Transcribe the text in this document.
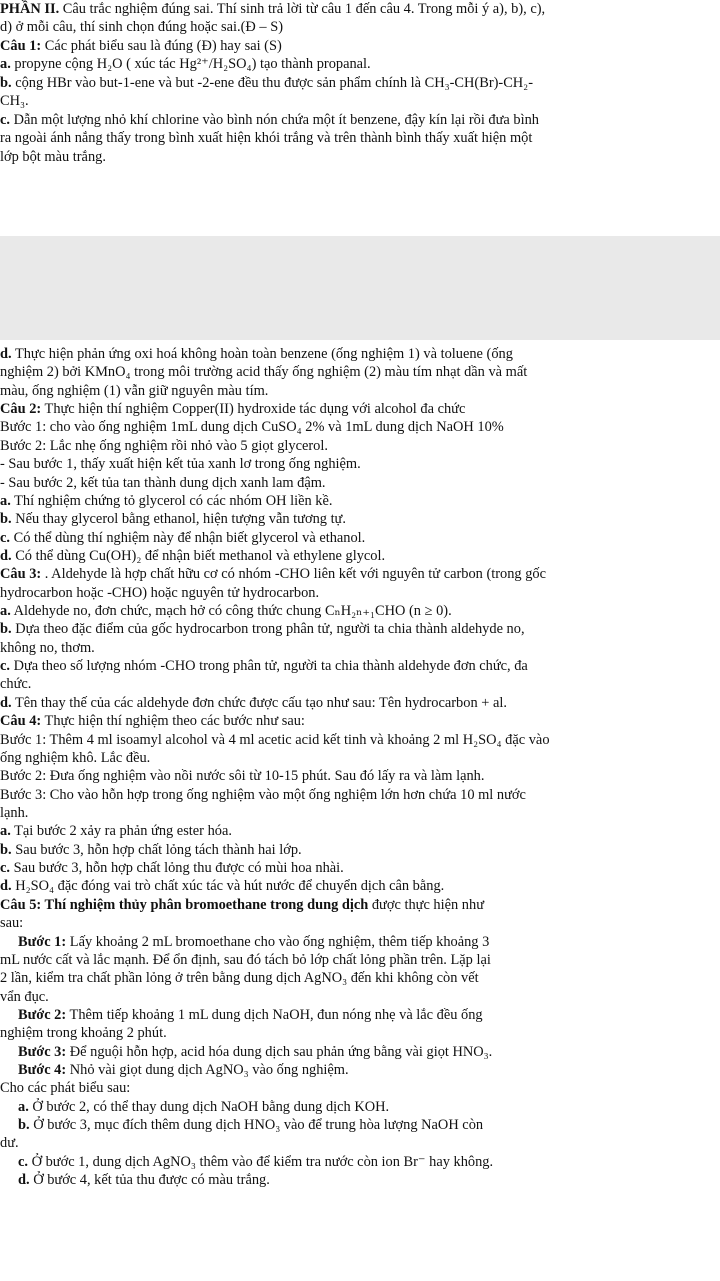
PHẦN II. Câu trắc nghiệm đúng sai. Thí sinh trả lời từ câu 1 đến câu 4. Trong mỗi ý a), b), c),
d) ở mỗi câu, thí sinh chọn đúng hoặc sai.(Đ – S)
Câu 1: Các phát biểu sau là đúng (Đ) hay sai (S)
a. propyne cộng H₂O ( xúc tác Hg²⁺/H₂SO₄) tạo thành propanal.
b. cộng HBr vào but-1-ene và but -2-ene đều thu được sản phẩm chính là CH₃-CH(Br)-CH₂-
CH₃.
c. Dẫn một lượng nhỏ khí chlorine vào bình nón chứa một ít benzene, đậy kín lại rồi đưa bình
ra ngoài ánh nắng thấy trong bình xuất hiện khói trắng và trên thành bình thấy xuất hiện một
lớp bột màu trắng.
d. Thực hiện phản ứng oxi hoá không hoàn toàn benzene (ống nghiệm 1) và toluene (ống
nghiệm 2) bởi KMnO₄ trong môi trường acid thấy ống nghiệm (2) màu tím nhạt dần và mất
màu, ống nghiệm (1) vẫn giữ nguyên màu tím.
Câu 2: Thực hiện thí nghiệm Copper(II) hydroxide tác dụng với alcohol đa chức
Bước 1: cho vào ống nghiệm 1mL dung dịch CuSO₄ 2% và 1mL dung dịch NaOH 10%
Bước 2: Lắc nhẹ ống nghiệm rồi nhỏ vào 5 giọt glycerol.
- Sau bước 1, thấy xuất hiện kết tủa xanh lơ trong ống nghiệm.
- Sau bước 2, kết tủa tan thành dung dịch xanh lam đậm.
a. Thí nghiệm chứng tỏ glycerol có các nhóm OH liền kề.
b. Nếu thay glycerol bằng ethanol, hiện tượng vẫn tương tự.
c. Có thể dùng thí nghiệm này để nhận biết glycerol và ethanol.
d. Có thể dùng Cu(OH)₂ để nhận biết methanol và ethylene glycol.
Câu 3: . Aldehyde là hợp chất hữu cơ có nhóm -CHO liên kết với nguyên tử carbon (trong gốc
hydrocarbon hoặc -CHO) hoặc nguyên tử hydrocarbon.
a. Aldehyde no, đơn chức, mạch hở có công thức chung CₙH₂ₙ₊₁CHO (n ≥ 0).
b. Dựa theo đặc điểm của gốc hydrocarbon trong phân tử, người ta chia thành aldehyde no,
không no, thơm.
c. Dựa theo số lượng nhóm -CHO trong phân tử, người ta chia thành aldehyde đơn chức, đa
chức.
d. Tên thay thế của các aldehyde đơn chức được cấu tạo như sau: Tên hydrocarbon + al.
Câu 4: Thực hiện thí nghiệm theo các bước như sau:
Bước 1: Thêm 4 ml isoamyl alcohol và 4 ml acetic acid kết tinh và khoảng 2 ml H₂SO₄ đặc vào
ống nghiệm khô. Lắc đều.
Bước 2: Đưa ống nghiệm vào nồi nước sôi từ 10-15 phút. Sau đó lấy ra và làm lạnh.
Bước 3: Cho vào hỗn hợp trong ống nghiệm vào một ống nghiệm lớn hơn chứa 10 ml nước
lạnh.
a. Tại bước 2 xảy ra phản ứng ester hóa.
b. Sau bước 3, hỗn hợp chất lỏng tách thành hai lớp.
c. Sau bước 3, hỗn hợp chất lỏng thu được có mùi hoa nhài.
d. H₂SO₄ đặc đóng vai trò chất xúc tác và hút nước để chuyển dịch cân bằng.
Câu 5: Thí nghiệm thủy phân bromoethane trong dung dịch được thực hiện như
sau:
Bước 1: Lấy khoảng 2 mL bromoethane cho vào ống nghiệm, thêm tiếp khoảng 3
mL nước cất và lắc mạnh. Để ổn định, sau đó tách bỏ lớp chất lỏng phần trên. Lặp lại
2 lần, kiểm tra chất phần lỏng ở trên bằng dung dịch AgNO₃ đến khi không còn vết
vẩn đục.
Bước 2: Thêm tiếp khoảng 1 mL dung dịch NaOH, đun nóng nhẹ và lắc đều ống
nghiệm trong khoảng 2 phút.
Bước 3: Để nguội hỗn hợp, acid hóa dung dịch sau phản ứng bằng vài giọt HNO₃.
Bước 4: Nhỏ vài giọt dung dịch AgNO₃ vào ống nghiệm.
Cho các phát biểu sau:
a. Ở bước 2, có thể thay dung dịch NaOH bằng dung dịch KOH.
b. Ở bước 3, mục đích thêm dung dịch HNO₃ vào để trung hòa lượng NaOH còn
dư.
c. Ở bước 1, dung dịch AgNO₃ thêm vào để kiểm tra nước còn ion Br⁻ hay không.
d. Ở bước 4, kết tủa thu được có màu trắng.
